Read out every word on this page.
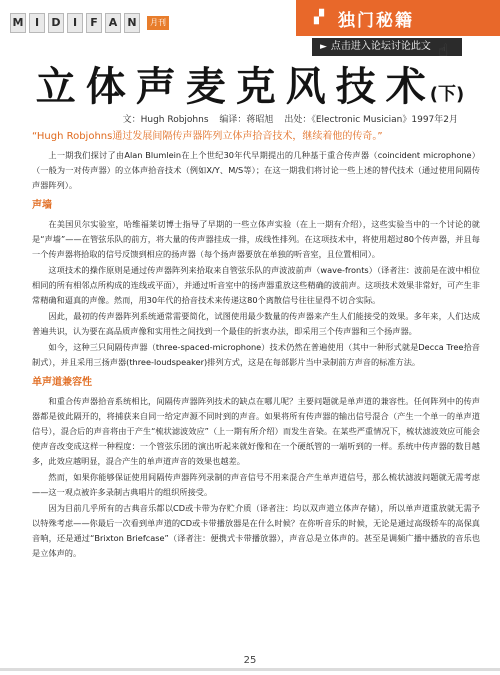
M	I	D	I	F A N	月刊	▞ 独门秘籍
► 点击进入论坛讨论此文 ☝
立体声麦克风技术(下)
文：Hugh Robjohns 编译：蒋昭旭 出处：《Electronic Musician》1997年2月

“Hugh Robjohns通过发展间隔传声器阵列立体声拾音技术，继续着他的传奇。”

上一期我们探讨了由Alan Blumlein在上个世纪30年代早期提出的几种基于重合传声器（coincident microphone）（一般为一对传声器）的立体声拾音技术（例如X/Y、M/S等）；在这一期我们将讨论一些上述的替代技术（通过使用间隔传声器阵列）。

声墙

在美国贝尔实验室，哈维福莱切博士指导了早期的一些立体声实验（在上一期有介绍），这些实验当中的一个讨论的就是“声墙”——在管弦乐队的前方，将大量的传声器挂成一排，成线性排列。在这项技术中，将使用超过80个传声器，并且每一个传声器将拾取的信号反馈到相应的扬声器（每个扬声器要放在单独的听音室，且位置相同）。

这项技术的操作原则是通过传声器阵列来拾取来自管弦乐队的声波波前声（wave-fronts）（译者注：波前是在波中相位相同的所有相邻点所构成的连线或平面），并通过听音室中的扬声器重放这些精确的波前声。这项技术效果非常好，可产生非常精确和逼真的声像。然而，用30年代的拾音技术来传递这80个离散信号往往显得不切合实际。

因此，最初的传声器阵列系统通常需要简化，试图使用最少数量的传声器来产生人们能接受的效果。多年来，人们达成普遍共识，认为要在高品质声像和实用性之间找到一个最佳的折衷办法，即采用三个传声器和三个扬声器。

如今，这种三只间隔传声器（three-spaced-microphone）技术仍然在普遍使用（其中一种形式就是Decca Tree拾音制式），并且采用三扬声器(three-loudspeaker)排列方式，这是在每部影片当中录制前方声音的标准方法。

单声道兼容性

和重合传声器拾音系统相比，间隔传声器阵列技术的缺点在哪儿呢？主要问题就是单声道的兼容性。任何阵列中的传声器都是彼此隔开的，将捕获来自同一给定声源不同时到的声音。如果将所有传声器的输出信号混合（产生一个单一的单声道信号），混合后的声音将由于产生“梳状滤波效应”（上一期有所介绍）而发生音染。在某些严重情况下，梳状滤波效应可能会使声音改变成这样一种程度：一个管弦乐团的演出听起来就好像和在一个硬纸管的一端听到的一样。系统中传声器的数目越多，此效应越明显，混合产生的单声道声音的效果也越差。

然而，如果你能够保证使用间隔传声器阵列录制的声音信号不用来混合产生单声道信号，那么梳状滤波问题就无需考虑——这一观点被许多录制古典唱片的组织所接受。

因为目前几乎所有的古典音乐都以CD或卡带为存贮介质（译者注：均以双声道立体声存储），所以单声道重放就无需予以特殊考虑——你最后一次看到单声道的CD或卡带播放器是在什么时候？在你听音乐的时候，无论是通过高级轿车的高保真音响，还是通过“Brixton Briefcase”（译者注：便携式卡带播放器），声音总是立体声的。甚至是调频广播中播放的音乐也是立体声的。

25
